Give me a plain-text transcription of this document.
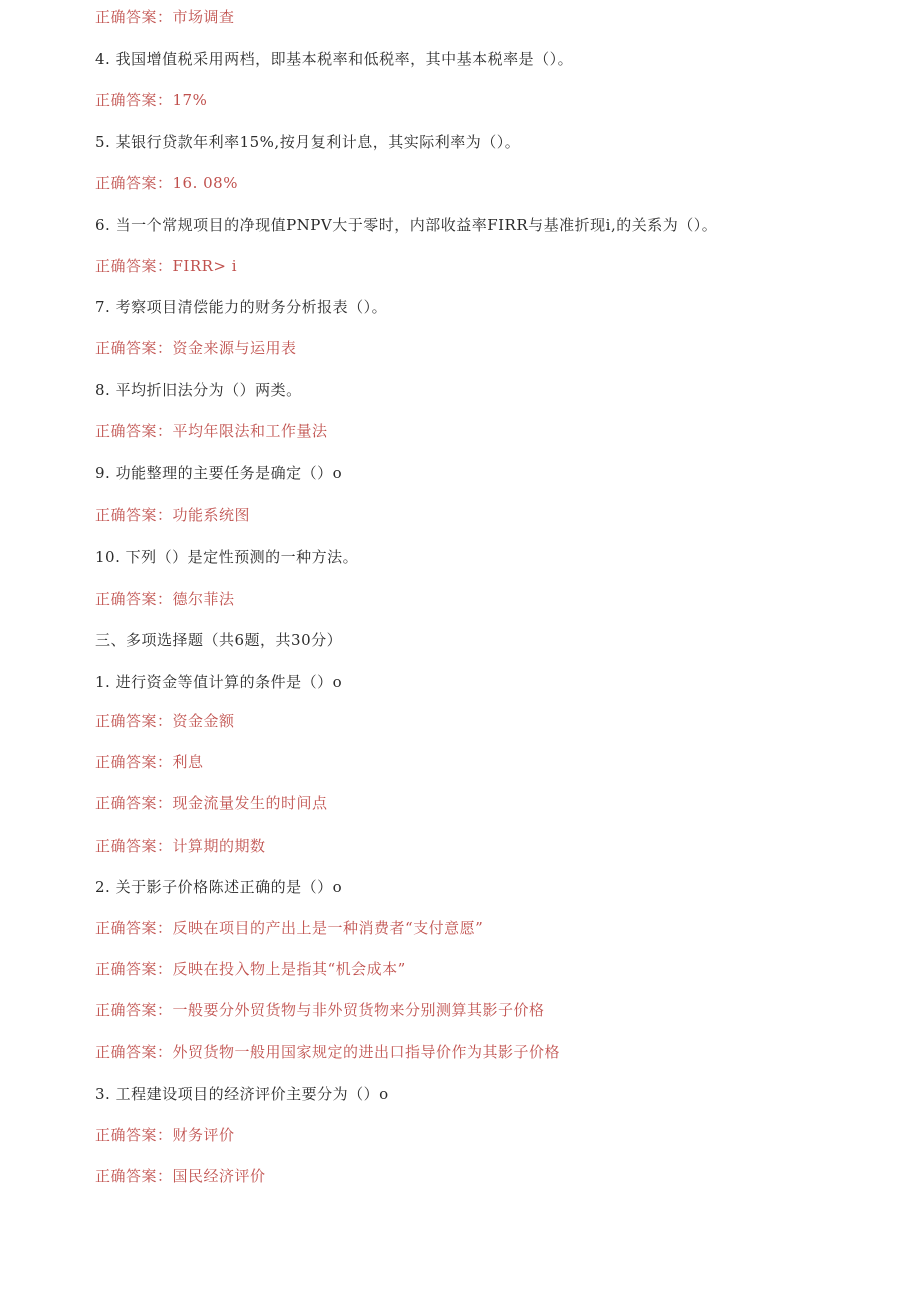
正确答案：市场调查
4. 我国增值税采用两档，即基本税率和低税率，其中基本税率是（）。
正确答案：17%
5. 某银行贷款年利率15%,按月复利计息，其实际利率为（）。
正确答案：16. 08%
6. 当一个常规项目的净现值PNPV大于零时，内部收益率FIRR与基准折现i,的关系为（）。
正确答案：FIRR> i
7. 考察项目清偿能力的财务分析报表（）。
正确答案：资金来源与运用表
8. 平均折旧法分为（）两类。
正确答案：平均年限法和工作量法
9. 功能整理的主要任务是确定（）o
正确答案：功能系统图
10. 下列（）是定性预测的一种方法。
正确答案：德尔菲法
三、多项选择题（共6题，共30分）
1. 进行资金等值计算的条件是（）o
正确答案：资金金额
正确答案：利息
正确答案：现金流量发生的时间点
正确答案：计算期的期数
2. 关于影子价格陈述正确的是（）o
正确答案：反映在项目的产出上是一种消费者“支付意愿”
正确答案：反映在投入物上是指其“机会成本”
正确答案：一般要分外贸货物与非外贸货物来分别测算其影子价格
正确答案：外贸货物一般用国家规定的进出口指导价作为其影子价格
3. 工程建设项目的经济评价主要分为（）o
正确答案：财务评价
正确答案：国民经济评价
